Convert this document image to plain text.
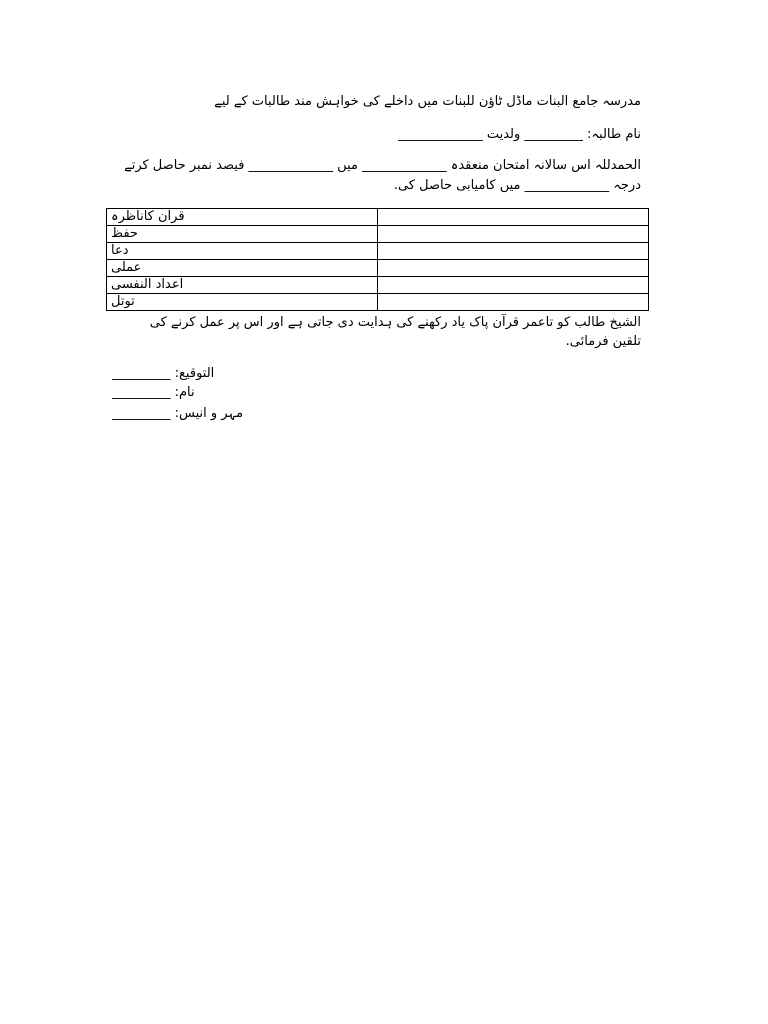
مدرسہ جامع البنات ماڈل ٹاؤن للبنات میں داخلے کی خواہش مند طالبات کے لیے
نام طالبہ: _________ ولدیت _____________
الحمدللہ اس سالانہ امتحان منعقدہ _____________ میں _____________ فیصد نمبر حاصل کرتے
درجہ _____________ میں کامیابی حاصل کی.
قرآن کاناظرہ	
حفظ	
دعا	
عملی	
اعداد النفسی	
توتل	
الشیخ طالب کو تاعمر قرآن پاک یاد رکھنے کی ہدایت دی جاتی ہے اور اس پر عمل کرنے کی
تلقین فرمائی.
التوقیع: _________
نام: _________
مہر و انیس: _________
